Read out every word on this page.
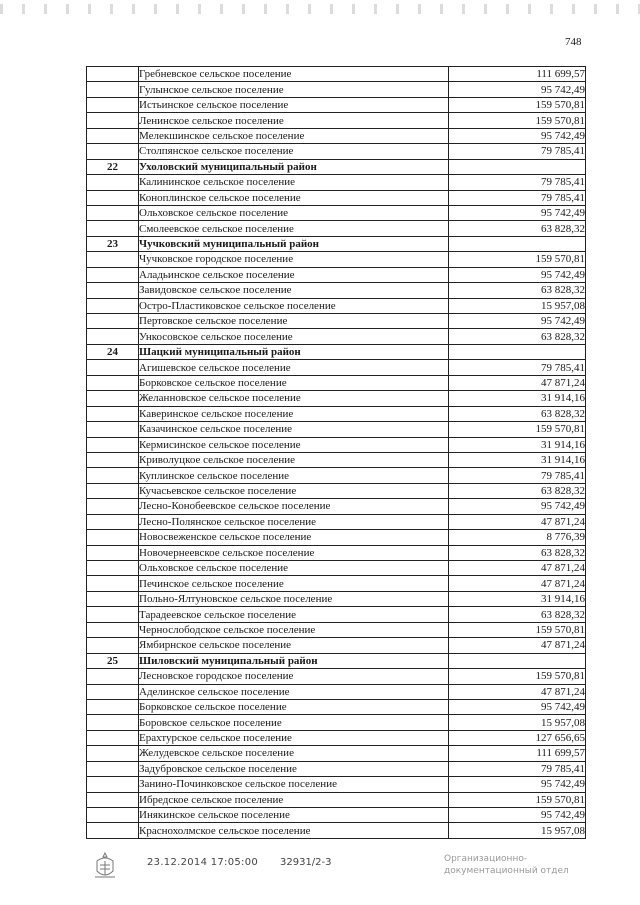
748
	Гребневское сельское поселение	111 699,57
	Гулынское сельское поселение	95 742,49
	Истьинское сельское поселение	159 570,81
	Ленинское сельское поселение	159 570,81
	Мелекшинское сельское поселение	95 742,49
	Столпянское сельское поселение	79 785,41
22	Ухоловский муниципальный район	
	Калининское сельское поселение	79 785,41
	Коноплинское сельское поселение	79 785,41
	Ольховское сельское поселение	95 742,49
	Смолеевское сельское поселение	63 828,32
23	Чучковский муниципальный район	
	Чучковское городское поселение	159 570,81
	Аладьинское сельское поселение	95 742,49
	Завидовское сельское поселение	63 828,32
	Остро-Пластиковское сельское поселение	15 957,08
	Пертовское сельское поселение	95 742,49
	Ункосовское сельское поселение	63 828,32
24	Шацкий муниципальный район	
	Агишевское сельское поселение	79 785,41
	Борковское сельское поселение	47 871,24
	Желанновское сельское поселение	31 914,16
	Каверинское сельское поселение	63 828,32
	Казачинское сельское поселение	159 570,81
	Кермисинское сельское поселение	31 914,16
	Криволуцкое сельское поселение	31 914,16
	Куплинское сельское поселение	79 785,41
	Кучасьевское сельское поселение	63 828,32
	Лесно-Конобеевское сельское поселение	95 742,49
	Лесно-Полянское сельское поселение	47 871,24
	Новосвеженское сельское поселение	8 776,39
	Новочернеевское сельское поселение	63 828,32
	Ольховское сельское поселение	47 871,24
	Печинское сельское поселение	47 871,24
	Польно-Ялтуновское сельское поселение	31 914,16
	Тарадеевское сельское поселение	63 828,32
	Чернослободское сельское поселение	159 570,81
	Ямбирнское сельское поселение	47 871,24
25	Шиловский муниципальный район	
	Лесновское городское поселение	159 570,81
	Аделинское сельское поселение	47 871,24
	Борковское сельское поселение	95 742,49
	Боровское сельское поселение	15 957,08
	Ерахтурское сельское поселение	127 656,65
	Желудевское сельское поселение	111 699,57
	Задубровское сельское поселение	79 785,41
	Занино-Починковское сельское поселение	95 742,49
	Ибредское сельское поселение	159 570,81
	Инякинское сельское поселение	95 742,49
	Краснохолмское сельское поселение	15 957,08
23.12.2014 17:05:00 32931/2-3	Организационно-
документационный отдел
